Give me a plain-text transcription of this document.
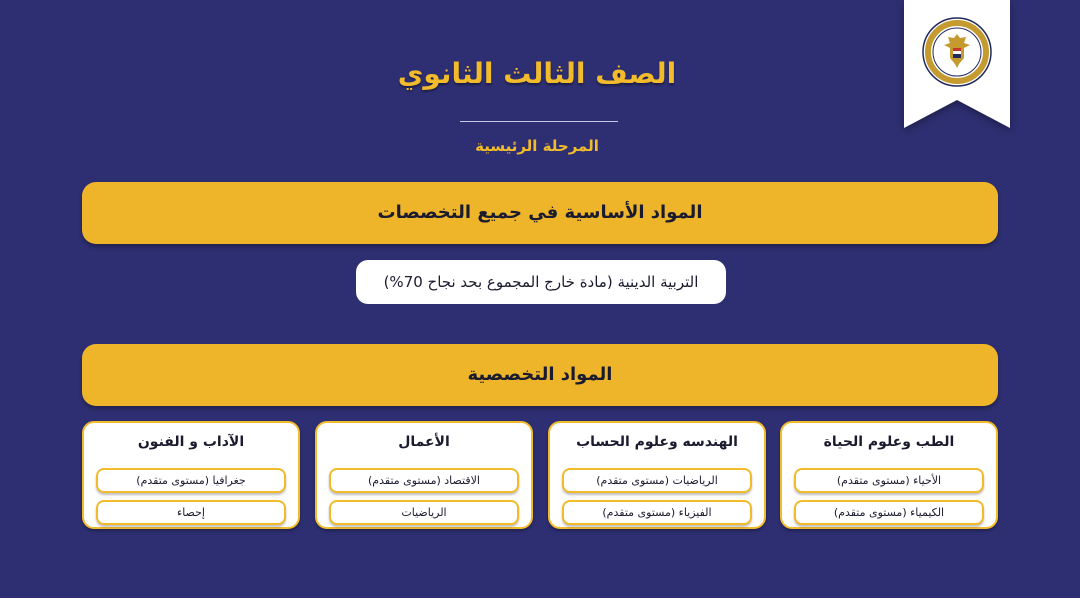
الصف الثالث الثانوي
المرحلة الرئيسية
المواد الأساسية في جميع التخصصات
التربية الدينية (مادة خارج المجموع بحد نجاح 70%)
المواد التخصصية
الطب وعلوم الحياة
الأحياء (مستوى متقدم)
الكيمياء (مستوى متقدم)
الهندسه وعلوم الحساب
الرياضيات (مستوى متقدم)
الفيزياء (مستوى متقدم)
الأعمال
الاقتصاد (مستوى متقدم)
الرياضيات
الآداب و الفنون
جغرافيا (مستوى متقدم)
إحصاء
